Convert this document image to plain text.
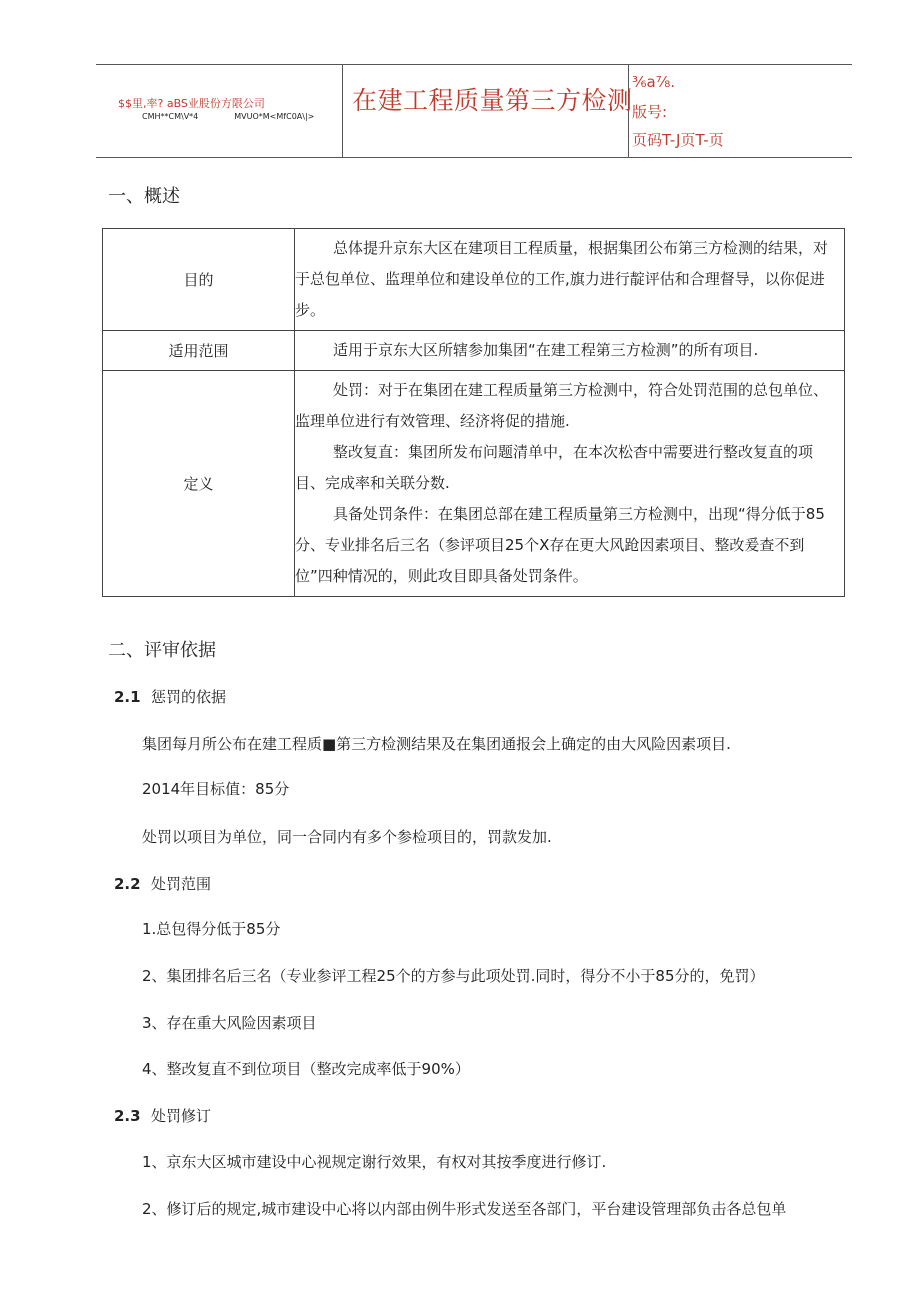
$$里,率? aBS业股份方限公司
CMH**CM\V*4	MVUO*M<MfC0A\|>
在建工程质量第三方检测
³⁄₆a⁷⁄₈.
版号:
页码T-J页T-页
一、概述
目的	总体提升京东大区在建项目工程质量，根据集团公布第三方检测的结果，对于总包单位、监理单位和建设单位的工作,旗力进行靛评估和合理督导，以你促进步。

适用范围	适用于京东大区所辖参加集团“在建工程第三方检测”的所有项目.

定义	处罚：对于在集团在建工程质量第三方检测中，符合处罚范围的总包单位、监理单位进行有效管理、经济将促的措施.

整改复直：集团所发布问题清单中，在本次松杳中需要进行整改复直的项目、完成率和关联分数.

具备处罚条件：在集团总部在建工程质量第三方检测中，出现“得分低于85分、专业排名后三名（参评项目25个X存在更大风跄因素项目、整改爰查不到位”四种情况的，则此攻目即具备处罚条件。

二、评审依据
2.1 惩罚的依据
集团每月所公布在建工程质■第三方检测结果及在集团通报会上确定的由大风险因素项目.
2014年目标值：85分
处罚以项目为单位，同一合同内有多个参检项目的，罚款发加.
2.2 处罚范围
1.总包得分低于85分
2、集团排名后三名（专业参评工程25个的方参与此项处罚.同时，得分不小于85分的，免罚）
3、存在重大风险因素项目
4、整改复直不到位项目（整改完成率低于90%）
2.3 处罚修订
1、京东大区城市建设中心视规定谢行效果，有权对其按季度进行修订.
2、修订后的规定,城市建设中心将以内部由例牛形式发送至各部门，平台建设管理部负击各总包单
